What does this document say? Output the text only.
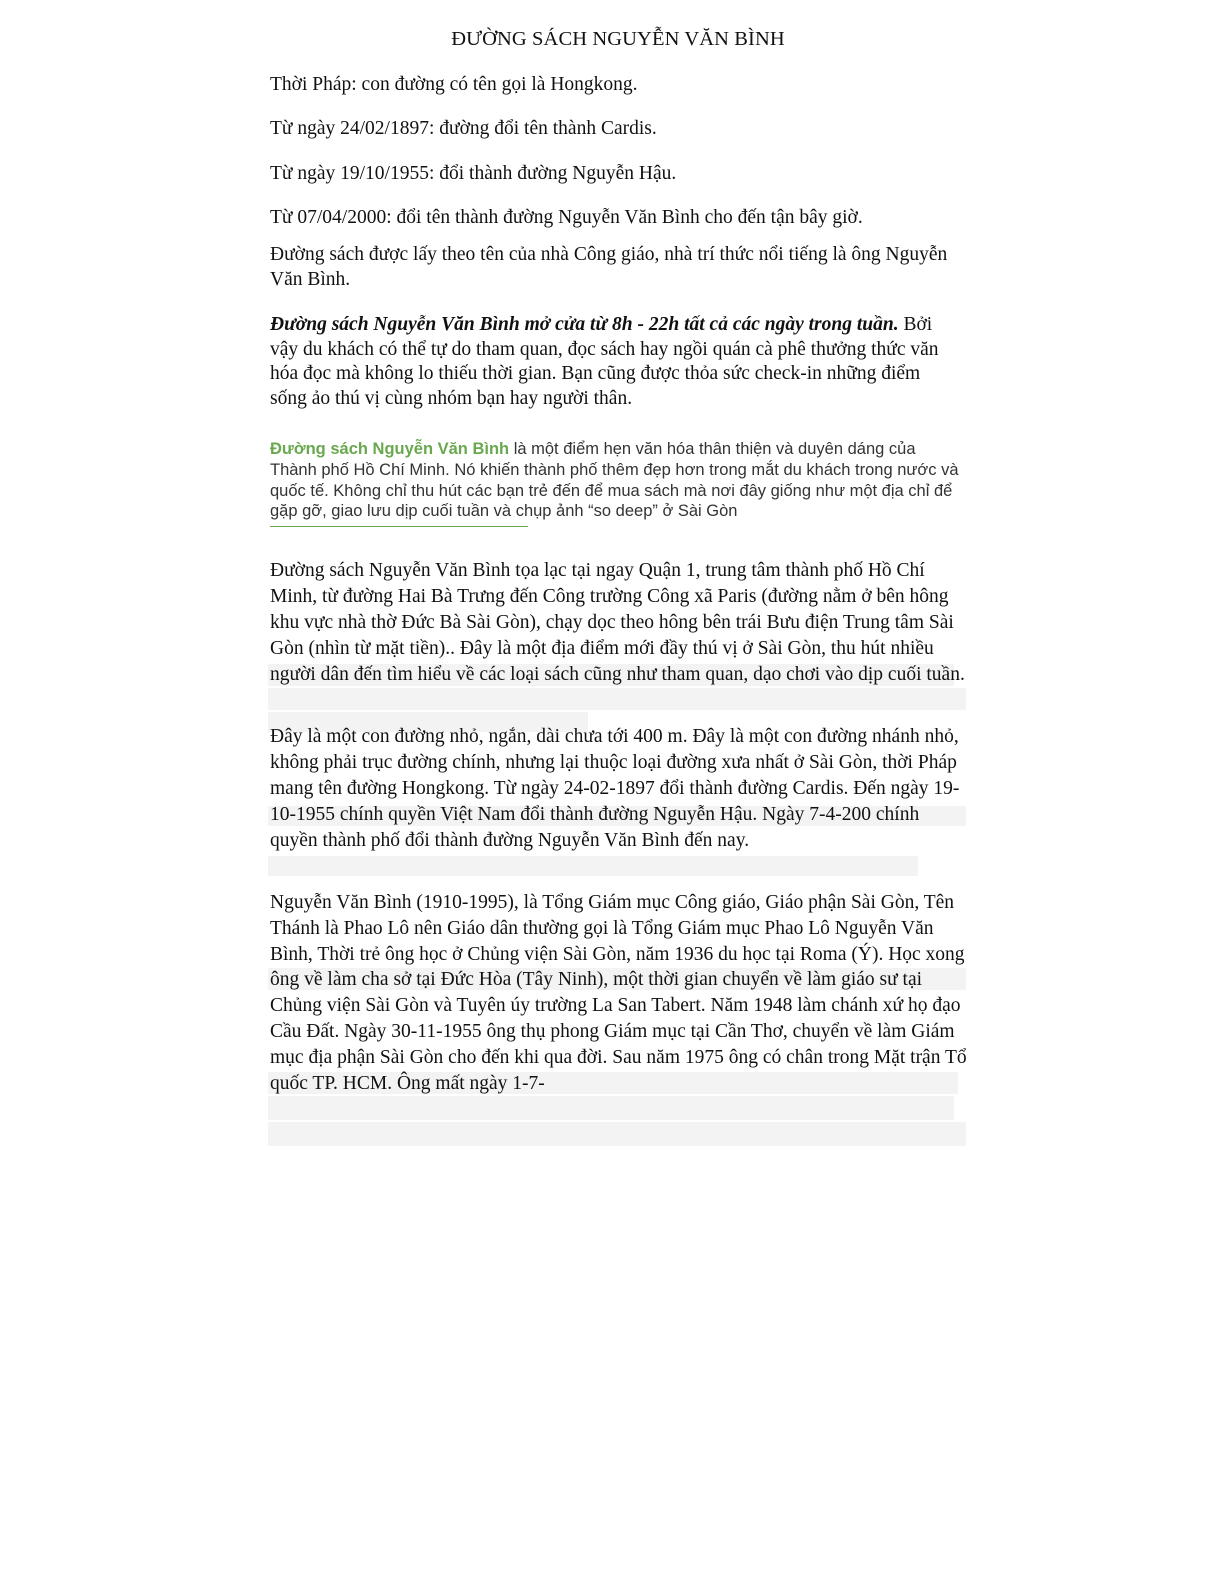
ĐƯỜNG SÁCH NGUYỄN VĂN BÌNH
Thời Pháp: con đường có tên gọi là Hongkong.
Từ ngày 24/02/1897: đường đổi tên thành Cardis.
Từ ngày 19/10/1955: đổi thành đường Nguyễn Hậu.
Từ 07/04/2000: đổi tên thành đường Nguyễn Văn Bình cho đến tận bây giờ.
Đường sách được lấy theo tên của nhà Công giáo, nhà trí thức nổi tiếng là ông Nguyễn Văn Bình.
Đường sách Nguyễn Văn Bình mở cửa từ 8h - 22h tất cả các ngày trong tuần. Bởi vậy du khách có thể tự do tham quan, đọc sách hay ngồi quán cà phê thưởng thức văn hóa đọc mà không lo thiếu thời gian. Bạn cũng được thỏa sức check-in những điểm sống ảo thú vị cùng nhóm bạn hay người thân.
Đường sách Nguyễn Văn Bình là một điểm hẹn văn hóa thân thiện và duyên dáng của Thành phố Hồ Chí Minh. Nó khiến thành phố thêm đẹp hơn trong mắt du khách trong nước và quốc tế. Không chỉ thu hút các bạn trẻ đến để mua sách mà nơi đây giống như một địa chỉ để gặp gỡ, giao lưu dịp cuối tuần và chụp ảnh “so deep” ở Sài Gòn
Đường sách Nguyễn Văn Bình tọa lạc tại ngay Quận 1, trung tâm thành phố Hồ Chí Minh, từ đường Hai Bà Trưng đến Công trường Công xã Paris (đường nằm ở bên hông khu vực nhà thờ Đức Bà Sài Gòn), chạy dọc theo hông bên trái Bưu điện Trung tâm Sài Gòn (nhìn từ mặt tiền).. Đây là một địa điểm mới đầy thú vị ở Sài Gòn, thu hút nhiều người dân đến tìm hiểu về các loại sách cũng như tham quan, dạo chơi vào dịp cuối tuần.
Đây là một con đường nhỏ, ngắn, dài chưa tới 400 m. Đây là một con đường nhánh nhỏ, không phải trục đường chính, nhưng lại thuộc loại đường xưa nhất ở Sài Gòn, thời Pháp mang tên đường Hongkong. Từ ngày 24-02-1897 đổi thành đường Cardis. Đến ngày 19-10-1955 chính quyền Việt Nam đổi thành đường Nguyễn Hậu. Ngày 7-4-200 chính quyền thành phố đổi thành đường Nguyễn Văn Bình đến nay.
Nguyễn Văn Bình (1910-1995), là Tổng Giám mục Công giáo, Giáo phận Sài Gòn, Tên Thánh là Phao Lô nên Giáo dân thường gọi là Tổng Giám mục Phao Lô Nguyễn Văn Bình, Thời trẻ ông học ở Chủng viện Sài Gòn, năm 1936 du học tại Roma (Ý). Học xong ông về làm cha sở tại Đức Hòa (Tây Ninh), một thời gian chuyển về làm giáo sư tại Chủng viện Sài Gòn và Tuyên úy trường La San Tabert. Năm 1948 làm chánh xứ họ đạo Cầu Đất. Ngày 30-11-1955 ông thụ phong Giám mục tại Cần Thơ, chuyển về làm Giám mục địa phận Sài Gòn cho đến khi qua đời. Sau năm 1975 ông có chân trong Mặt trận Tổ quốc TP. HCM. Ông mất ngày 1-7-
